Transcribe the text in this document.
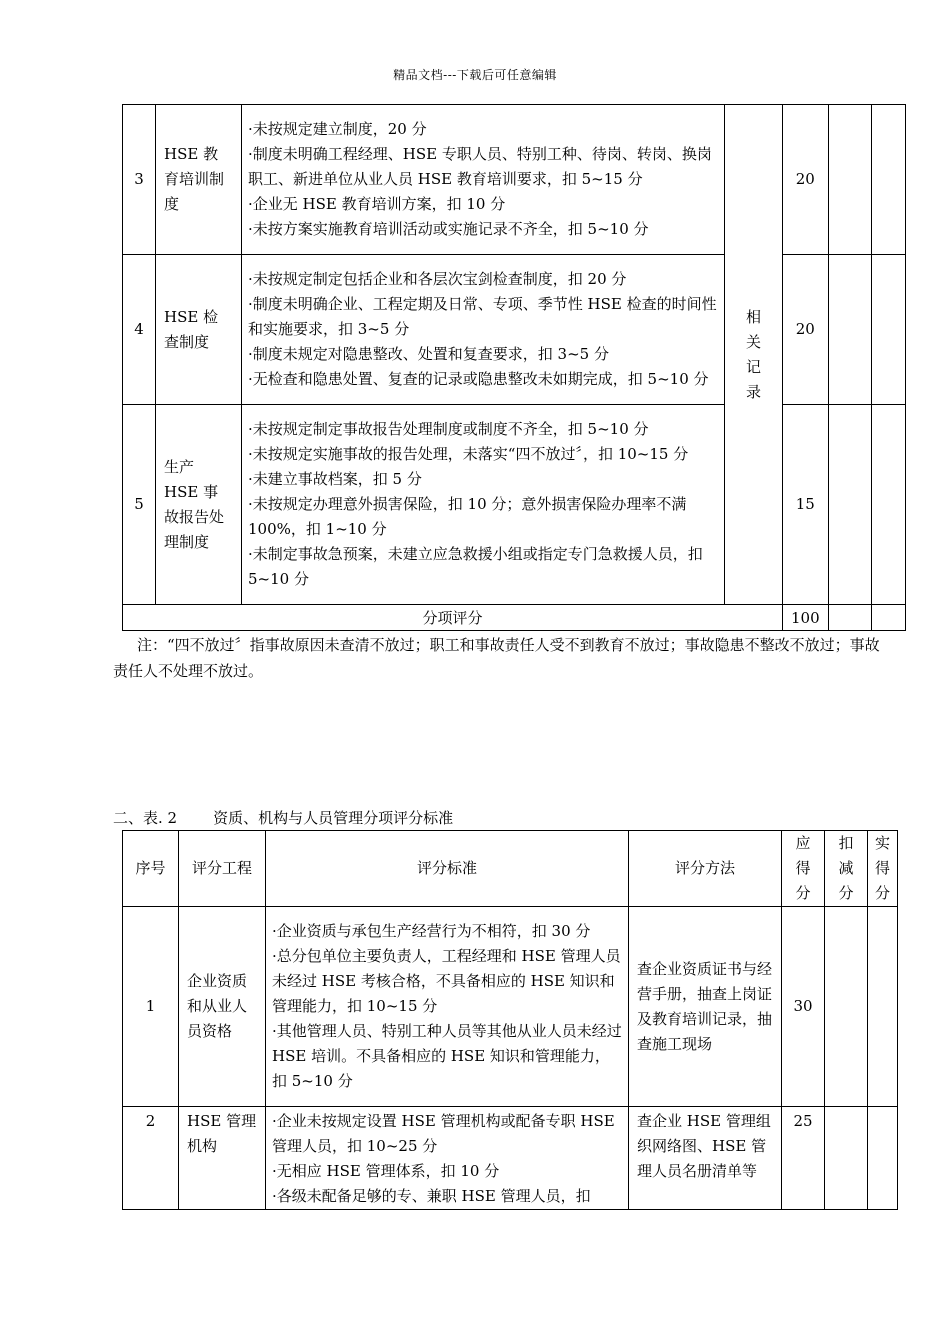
精品文档---下载后可任意编辑
3	HSE 教育培训制度	·未按规定建立制度，20 分
·制度未明确工程经理、HSE 专职人员、特别工种、待岗、转岗、换岗职工、新进单位从业人员 HSE 教育培训要求，扣 5~15 分
·企业无 HSE 教育培训方案，扣 10 分
·未按方案实施教育培训活动或实施记录不齐全，扣 5~10 分	相关记录	20		
4	HSE 检查制度	·未按规定制定包括企业和各层次宝剑检查制度，扣 20 分
·制度未明确企业、工程定期及日常、专项、季节性 HSE 检查的时间性和实施要求，扣 3~5 分
·制度未规定对隐患整改、处置和复查要求，扣 3~5 分
·无检查和隐患处置、复查的记录或隐患整改未如期完成，扣 5~10 分		20		
5	生产 HSE 事故报告处理制度	·未按规定制定事故报告处理制度或制度不齐全，扣 5~10 分
·未按规定实施事故的报告处理，未落实“四不放过〞，扣 10~15 分
·未建立事故档案，扣 5 分
·未按规定办理意外损害保险，扣 10 分；意外损害保险办理率不满 100%，扣 1~10 分
·未制定事故急预案，未建立应急救援小组或指定专门急救援人员，扣 5~10 分		15		
分项评分				100		
注：“四不放过〞指事故原因未查清不放过；职工和事故责任人受不到教育不放过；事故隐患不整改不放过；事故责任人不处理不放过。
二、表. 2 资质、机构与人员管理分项评分标准
序号	评分工程	评分标准	评分方法	应得分	扣减分	实得分
1	企业资质和从业人员资格	·企业资质与承包生产经营行为不相符，扣 30 分
·总分包单位主要负责人，工程经理和 HSE 管理人员未经过 HSE 考核合格，不具备相应的 HSE 知识和管理能力，扣 10~15 分
·其他管理人员、特别工种人员等其他从业人员未经过 HSE 培训。不具备相应的 HSE 知识和管理能力，扣 5~10 分	查企业资质证书与经营手册，抽查上岗证及教育培训记录，抽查施工现场	30		
2	HSE 管理机构	·企业未按规定设置 HSE 管理机构或配备专职 HSE 管理人员，扣 10~25 分
·无相应 HSE 管理体系，扣 10 分
·各级未配备足够的专、兼职 HSE 管理人员，扣	查企业 HSE 管理组织网络图、HSE 管理人员名册清单等	25		
